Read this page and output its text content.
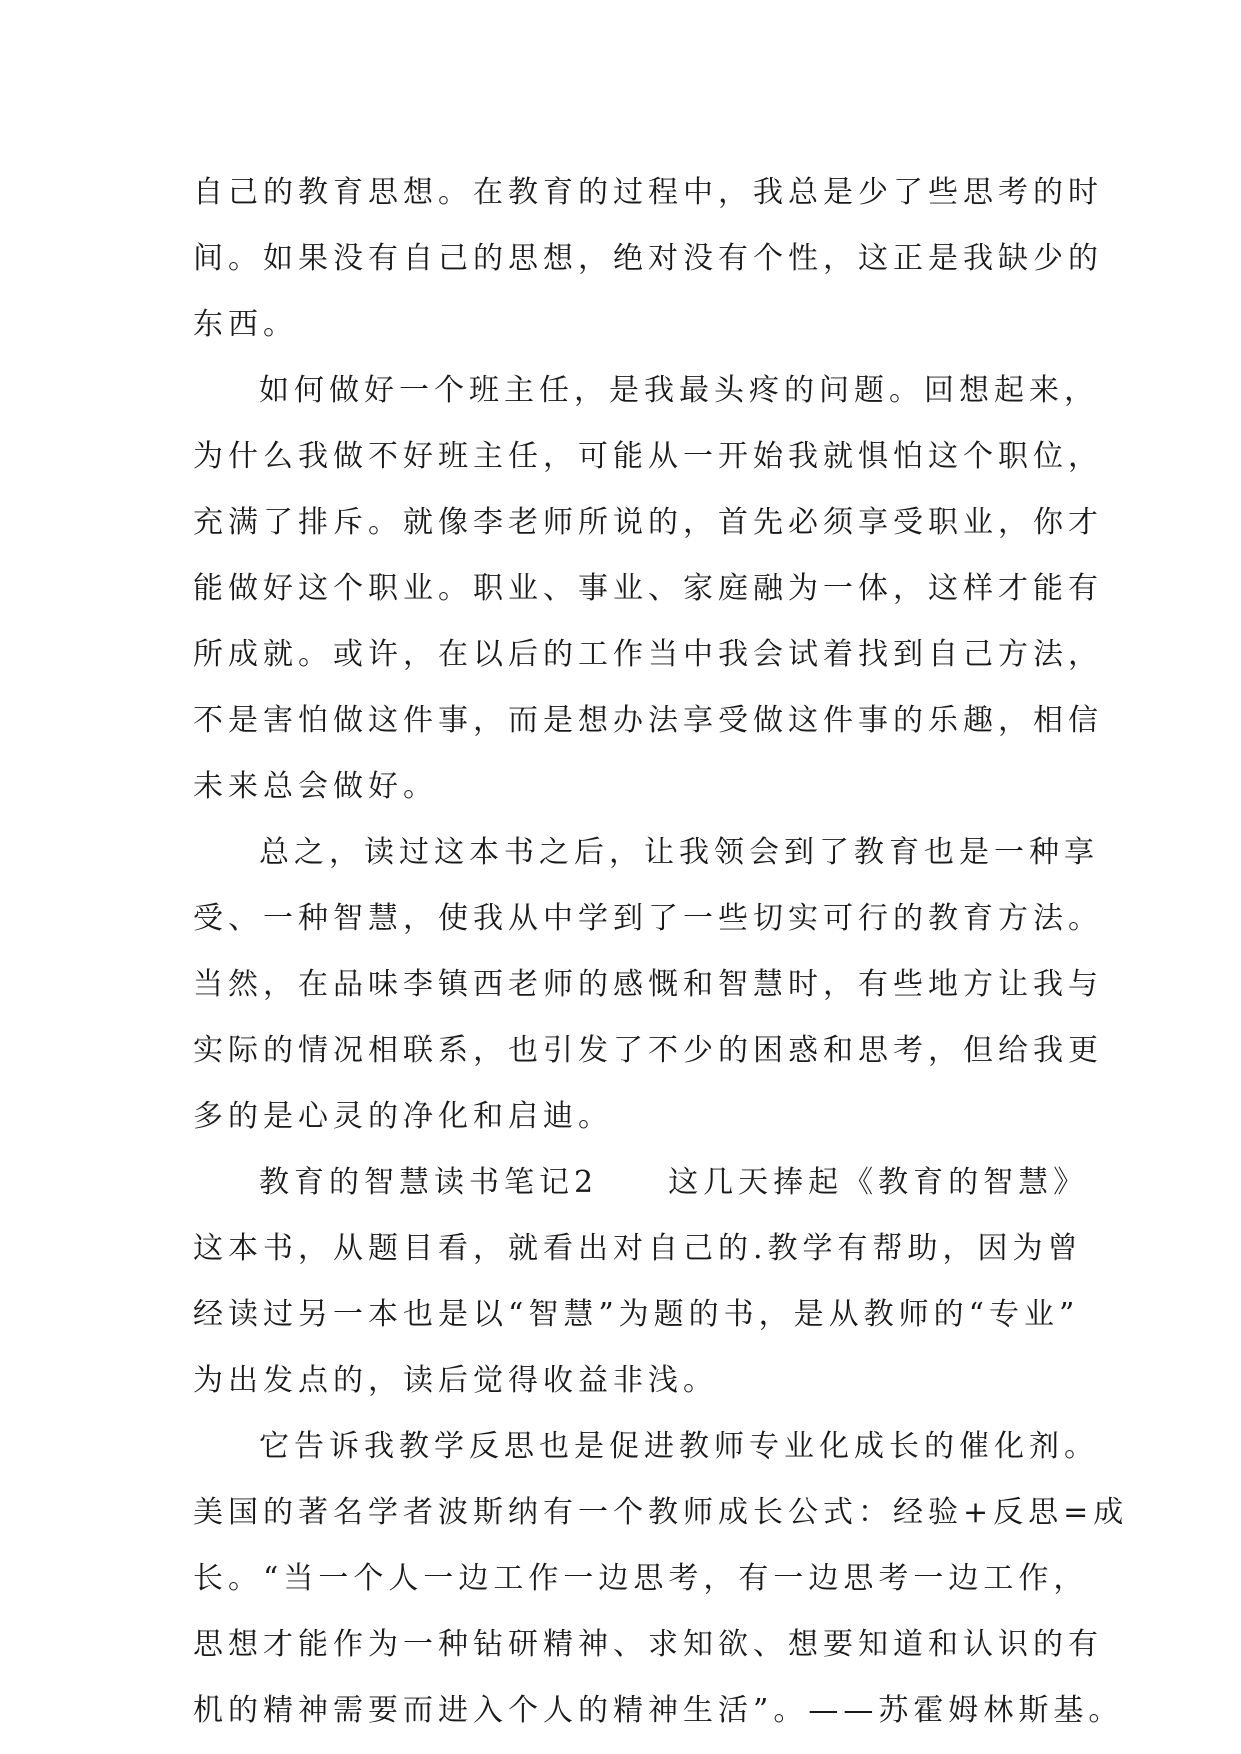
自己的教育思想。在教育的过程中，我总是少了些思考的时
间。如果没有自己的思想，绝对没有个性，这正是我缺少的
东西。
如何做好一个班主任，是我最头疼的问题。回想起来，
为什么我做不好班主任，可能从一开始我就惧怕这个职位，
充满了排斥。就像李老师所说的，首先必须享受职业，你才
能做好这个职业。职业、事业、家庭融为一体，这样才能有
所成就。或许，在以后的工作当中我会试着找到自己方法，
不是害怕做这件事，而是想办法享受做这件事的乐趣，相信
未来总会做好。
总之，读过这本书之后，让我领会到了教育也是一种享
受、一种智慧，使我从中学到了一些切实可行的教育方法。
当然，在品味李镇西老师的感慨和智慧时，有些地方让我与
实际的情况相联系，也引发了不少的困惑和思考，但给我更
多的是心灵的净化和启迪。
教育的智慧读书笔记2　　这几天捧起《教育的智慧》
这本书，从题目看，就看出对自己的.教学有帮助，因为曾
经读过另一本也是以“智慧”为题的书，是从教师的“专业”
为出发点的，读后觉得收益非浅。
它告诉我教学反思也是促进教师专业化成长的催化剂。
美国的著名学者波斯纳有一个教师成长公式：经验+反思=成
长。“当一个人一边工作一边思考，有一边思考一边工作，
思想才能作为一种钻研精神、求知欲、想要知道和认识的有
机的精神需要而进入个人的精神生活”。——苏霍姆林斯基。
